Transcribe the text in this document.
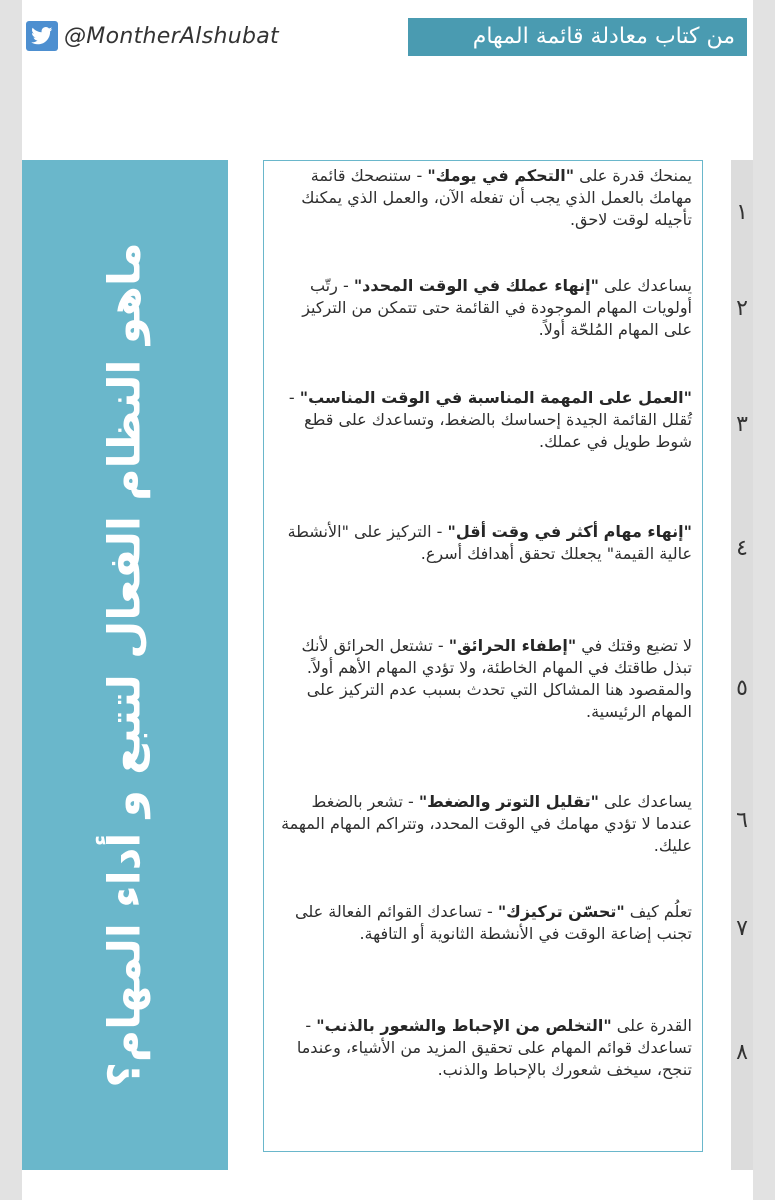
@MontherAlshubat	من كتاب معادلة قائمة المهام
ماهو النظام الفعال لتتبع و أداء المهام؟
يمنحك قدرة على "التحكم في يومك" - ستنصحك قائمة مهامك بالعمل الذي يجب أن تفعله الآن، والعمل الذي يمكنك تأجيله لوقت لاحق.
يساعدك على "إنهاء عملك في الوقت المحدد" - رتّب أولويات المهام الموجودة في القائمة حتى تتمكن من التركيز على المهام المُلحّة أولاً.
"العمل على المهمة المناسبة في الوقت المناسب" - تُقلل القائمة الجيدة إحساسك بالضغط، وتساعدك على قطع شوط طويل في عملك.
"إنهاء مهام أكثر في وقت أقل" - التركيز على "الأنشطة عالية القيمة" يجعلك تحقق أهدافك أسرع.
لا تضيع وقتك في "إطفاء الحرائق" - تشتعل الحرائق لأنك تبذل طاقتك في المهام الخاطئة، ولا تؤدي المهام الأهم أولاً. والمقصود هنا المشاكل التي تحدث بسبب عدم التركيز على المهام الرئيسية.
يساعدك على "تقليل التوتر والضغط" - تشعر بالضغط عندما لا تؤدي مهامك في الوقت المحدد، وتتراكم المهام المهمة عليك.
تعلُم كيف "تحسّن تركيزك" - تساعدك القوائم الفعالة على تجنب إضاعة الوقت في الأنشطة الثانوية أو التافهة.
القدرة على "التخلص من الإحباط والشعور بالذنب" - تساعدك قوائم المهام على تحقيق المزيد من الأشياء، وعندما تنجح، سيخف شعورك بالإحباط والذنب.
١
٢
٣
٤
٥
٦
٧
٨
